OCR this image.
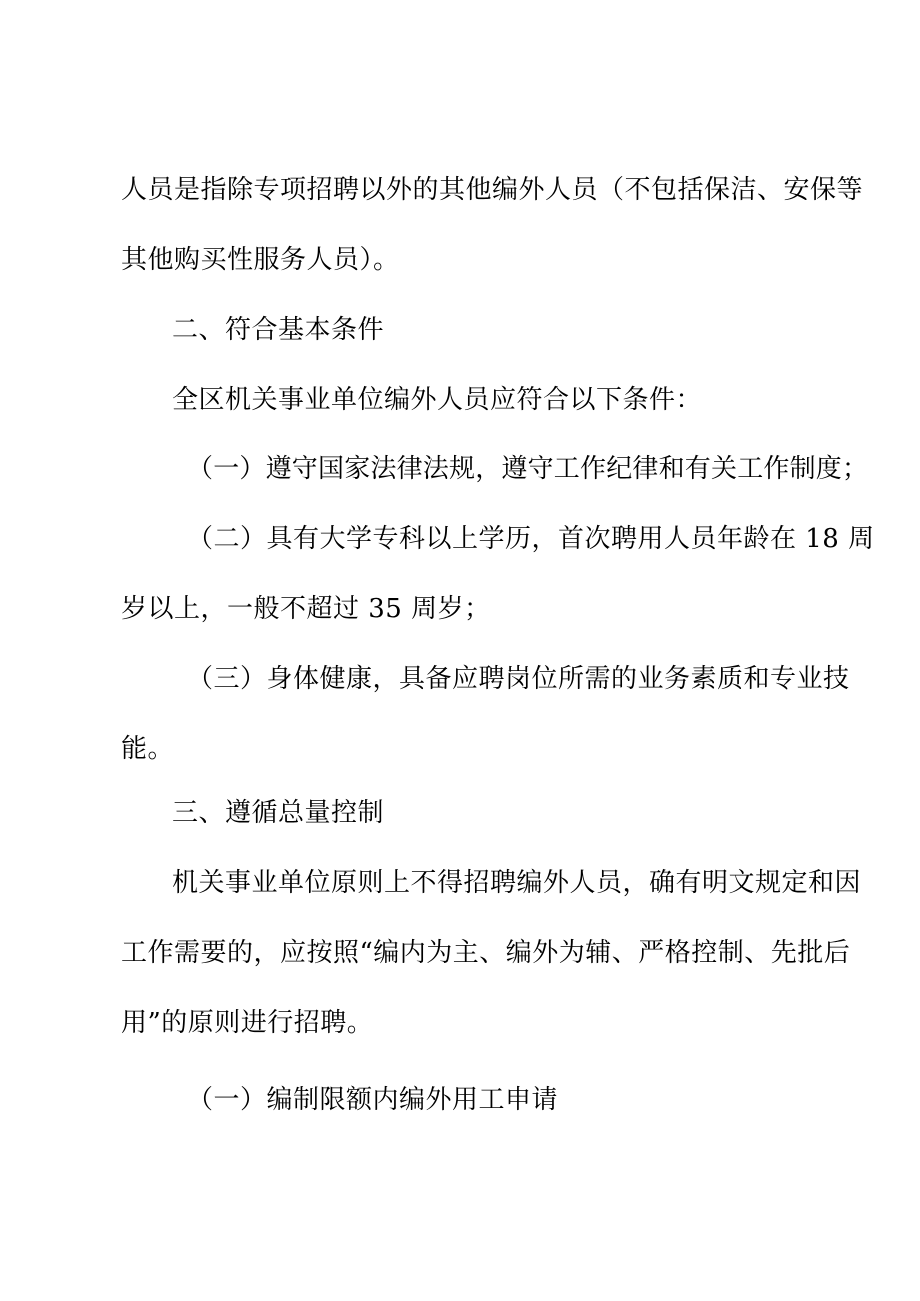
人员是指除专项招聘以外的其他编外人员（不包括保洁、安保等

其他购买性服务人员）。

二、符合基本条件

全区机关事业单位编外人员应符合以下条件：

（一）遵守国家法律法规，遵守工作纪律和有关工作制度；

（二）具有大学专科以上学历，首次聘用人员年龄在 18 周

岁以上，一般不超过 35 周岁；

（三）身体健康，具备应聘岗位所需的业务素质和专业技

能。

三、遵循总量控制

机关事业单位原则上不得招聘编外人员，确有明文规定和因

工作需要的，应按照“编内为主、编外为辅、严格控制、先批后

用”的原则进行招聘。

（一）编制限额内编外用工申请
